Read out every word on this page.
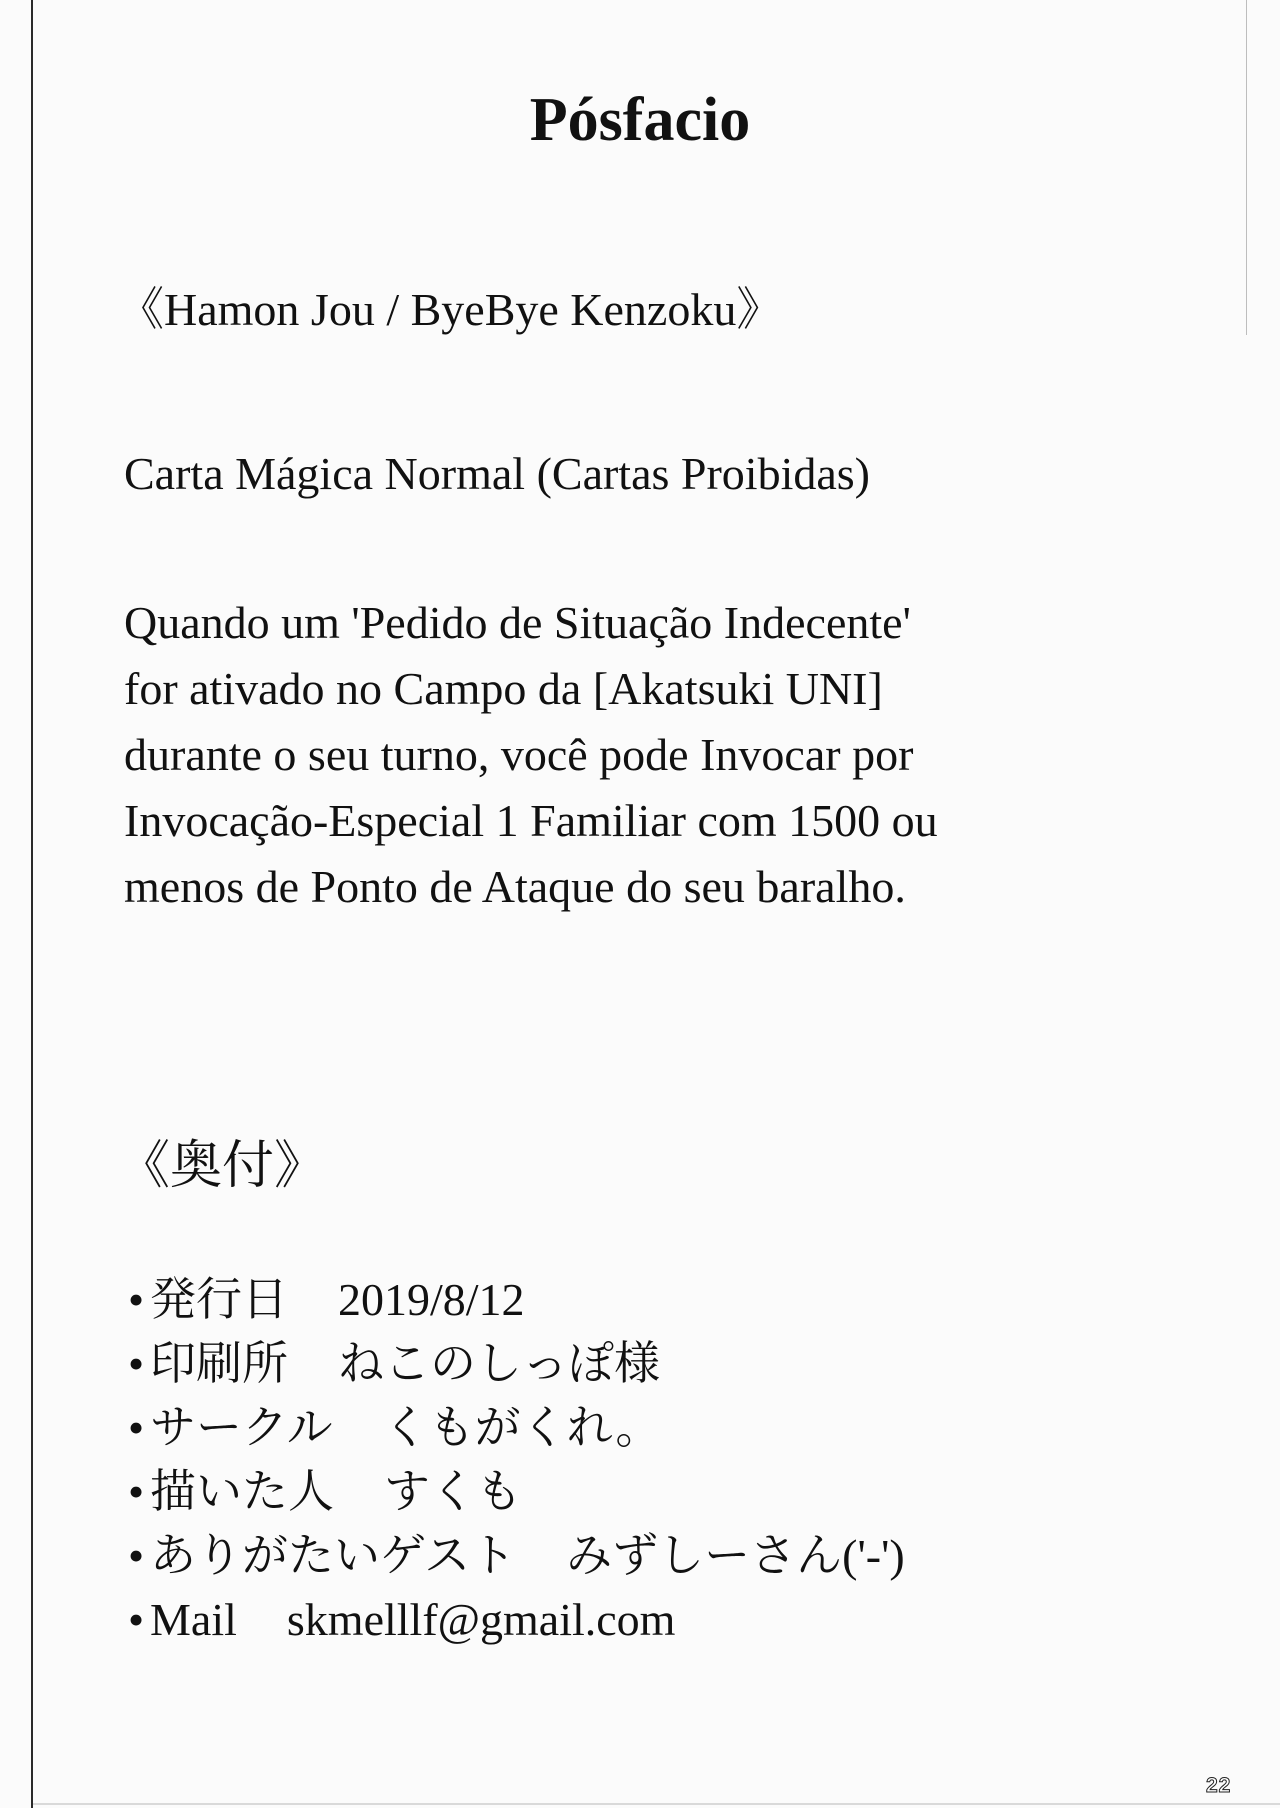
Pósfacio
《Hamon Jou / ByeBye Kenzoku》
Carta Mágica Normal (Cartas Proibidas)
Quando um 'Pedido de Situação Indecente'
for ativado no Campo da [Akatsuki UNI]
durante o seu turno, você pode Invocar por
Invocação-Especial 1 Familiar com 1500 ou
menos de Ponto de Ataque do seu baralho.
《奥付》
• 発行日 2019/8/12
• 印刷所 ねこのしっぽ様
• サークル くもがくれ。
• 描いた人 すくも
• ありがたいゲスト みずしーさん('-')
• Mail skmelllf@gmail.com
22
